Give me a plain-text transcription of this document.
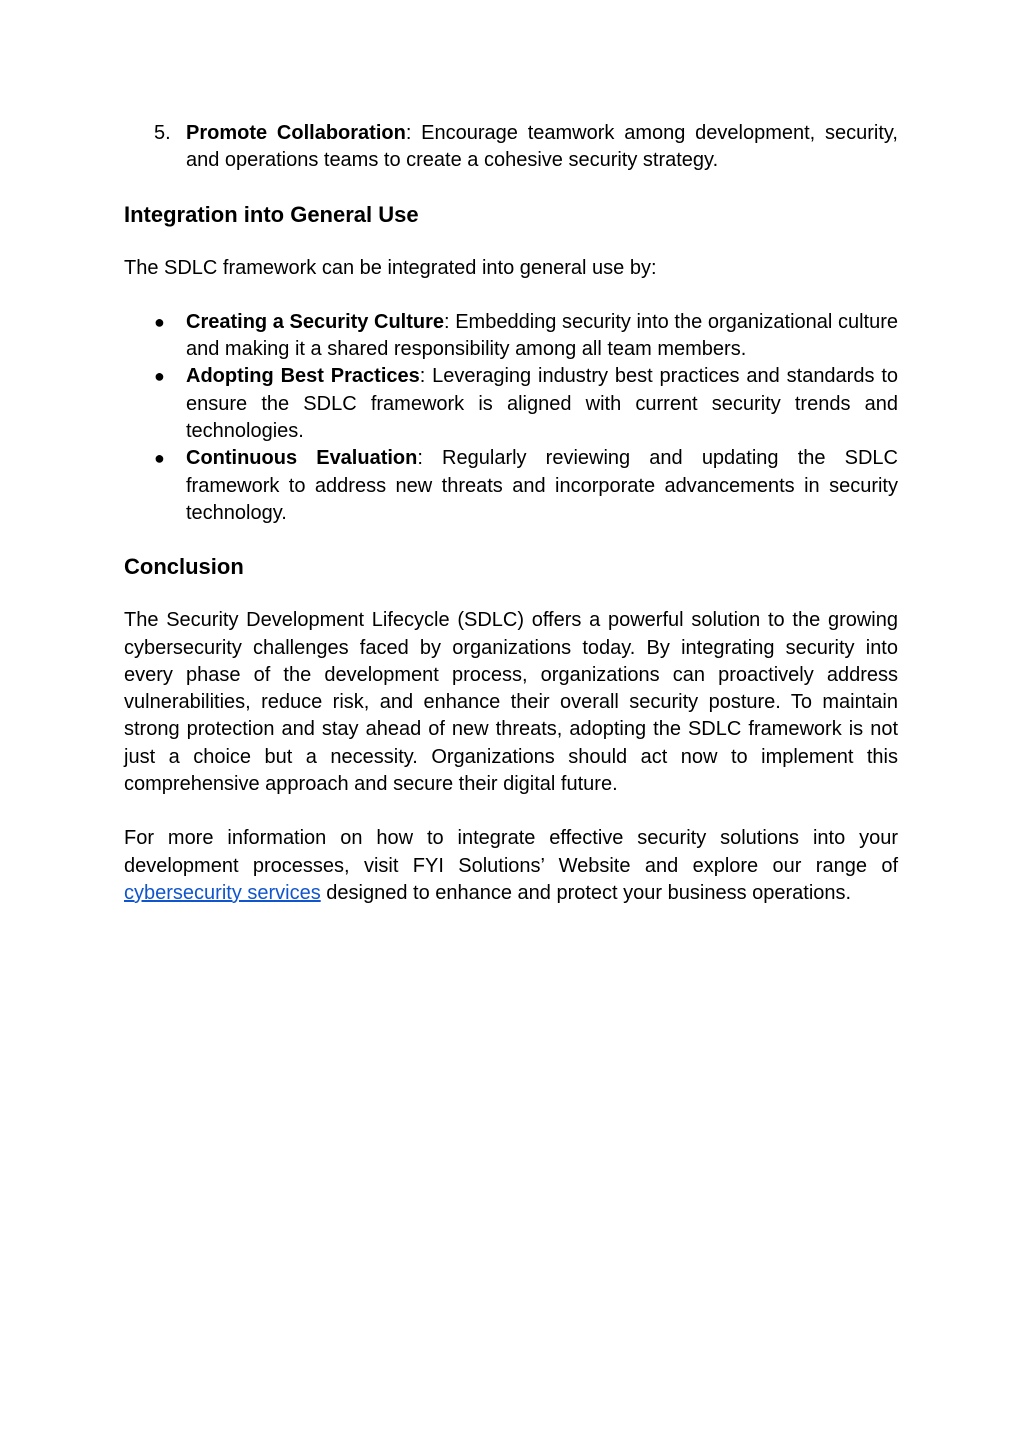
5. Promote Collaboration: Encourage teamwork among development, security, and operations teams to create a cohesive security strategy.
Integration into General Use

The SDLC framework can be integrated into general use by:

●	Creating a Security Culture: Embedding security into the organizational culture and making it a shared responsibility among all team members.
●	Adopting Best Practices: Leveraging industry best practices and standards to ensure the SDLC framework is aligned with current security trends and technologies.
●	Continuous Evaluation: Regularly reviewing and updating the SDLC framework to address new threats and incorporate advancements in security technology.
Conclusion

The Security Development Lifecycle (SDLC) offers a powerful solution to the growing cybersecurity challenges faced by organizations today. By integrating security into every phase of the development process, organizations can proactively address vulnerabilities, reduce risk, and enhance their overall security posture. To maintain strong protection and stay ahead of new threats, adopting the SDLC framework is not just a choice but a necessity. Organizations should act now to implement this comprehensive approach and secure their digital future.

For more information on how to integrate effective security solutions into your development processes, visit FYI Solutions’ Website and explore our range of cybersecurity services designed to enhance and protect your business operations.
